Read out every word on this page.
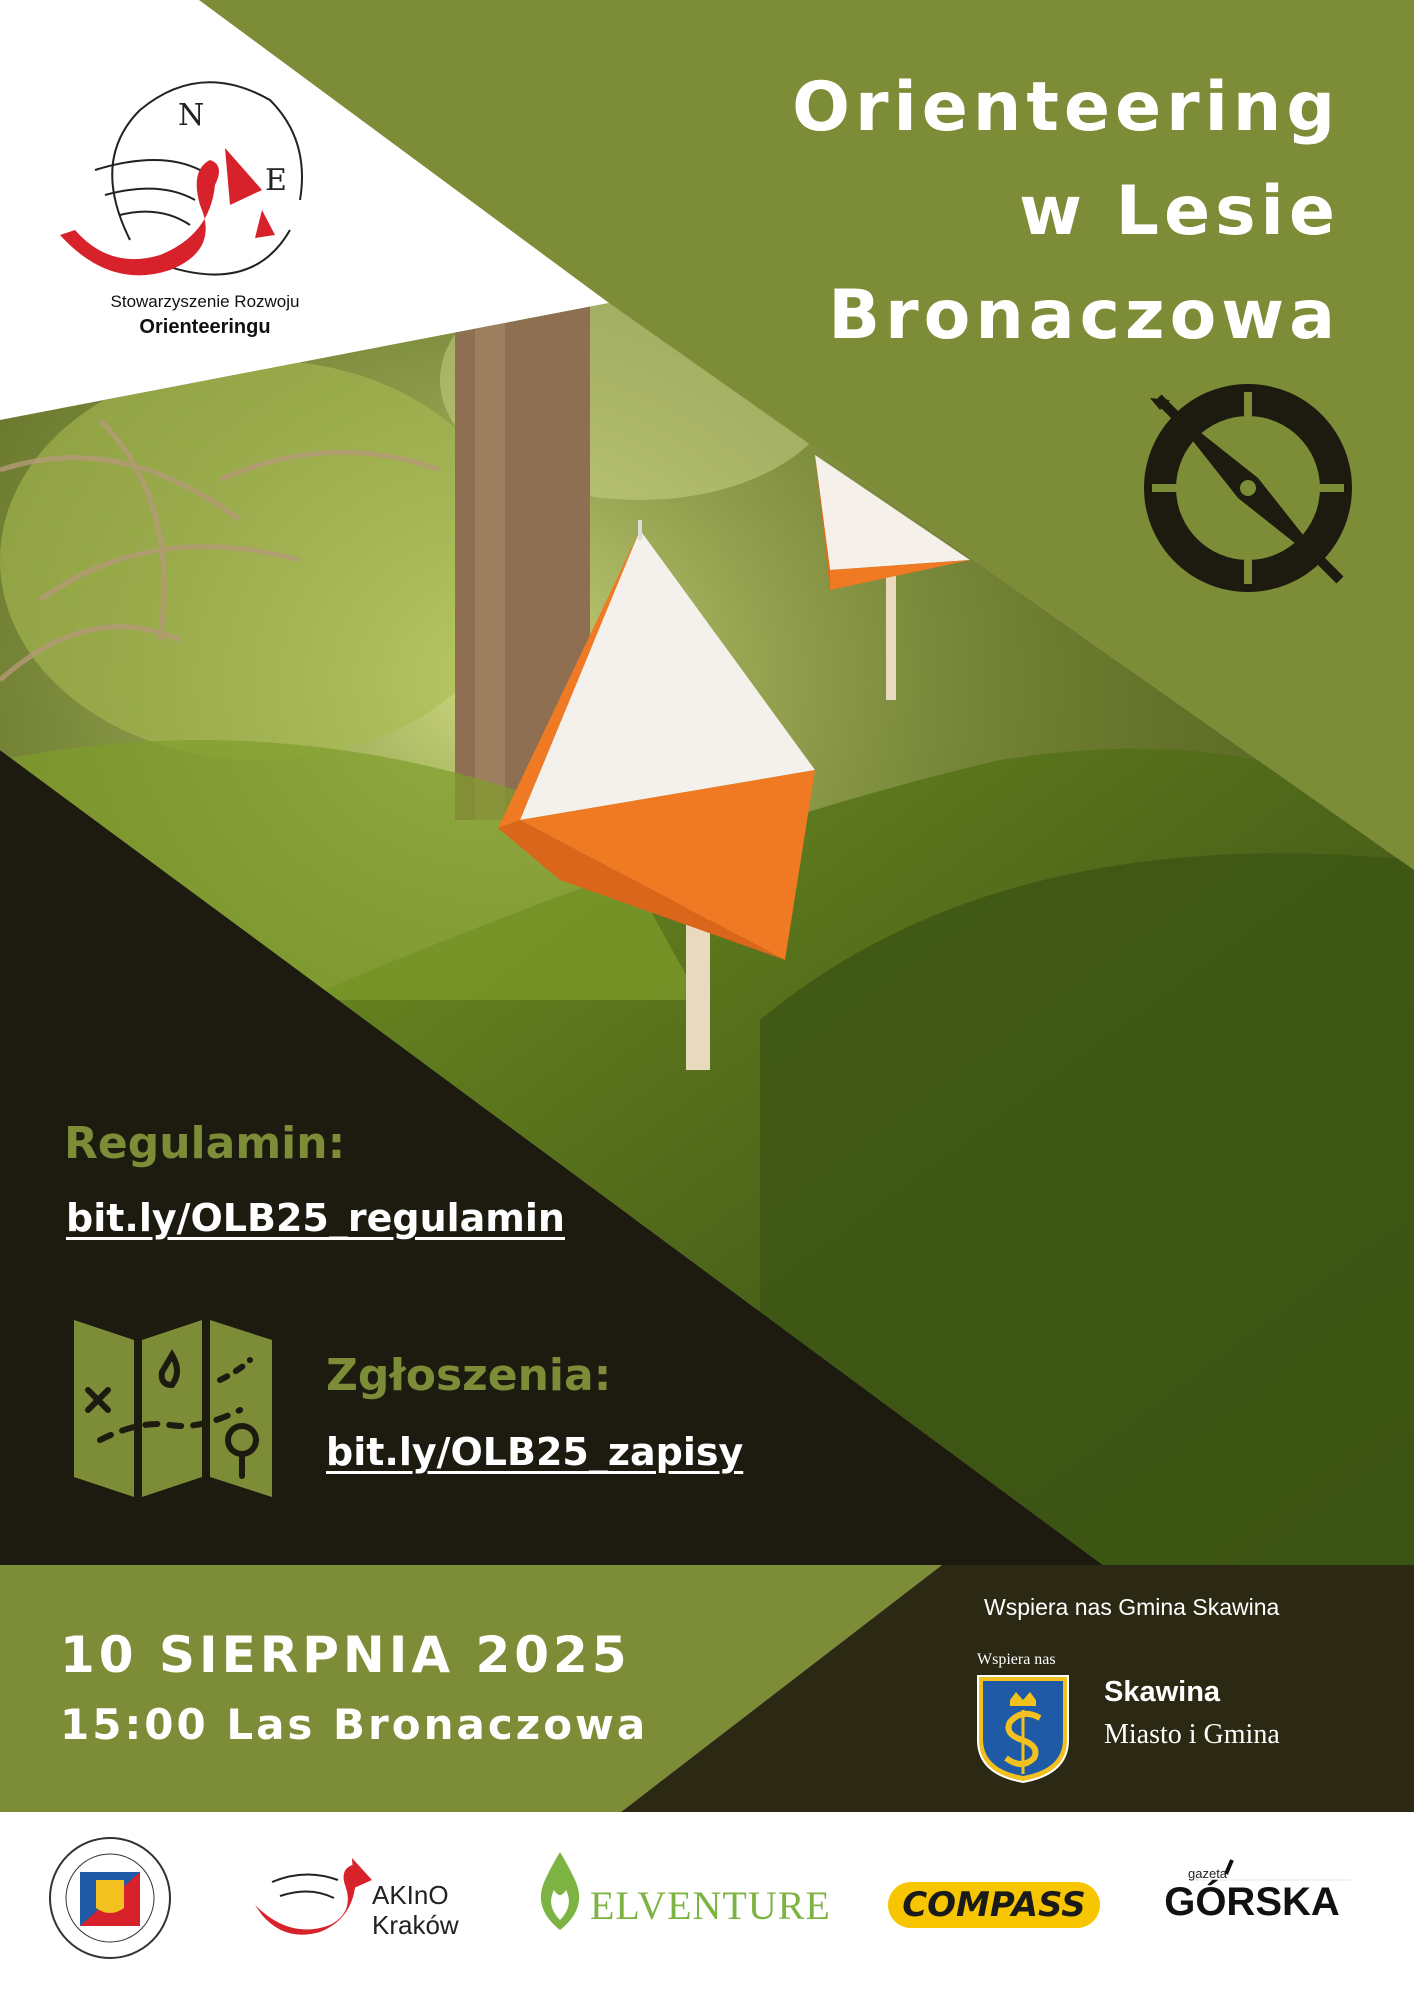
N
E
Stowarzyszenie Rozwoju
Orienteeringu
Orienteering
w Lesie
Bronaczowa
Regulamin:
bit.ly/OLB25_regulamin
Zgłoszenia:
bit.ly/OLB25_zapisy
10 SIERPNIA 2025
15:00 Las Bronaczowa
Wspiera nas Gmina Skawina
Wspiera nas
Skawina
Miasto i Gmina
AKInO
Kraków	ELVENTURE	COMPASS
gazeta
GÓRSKA
